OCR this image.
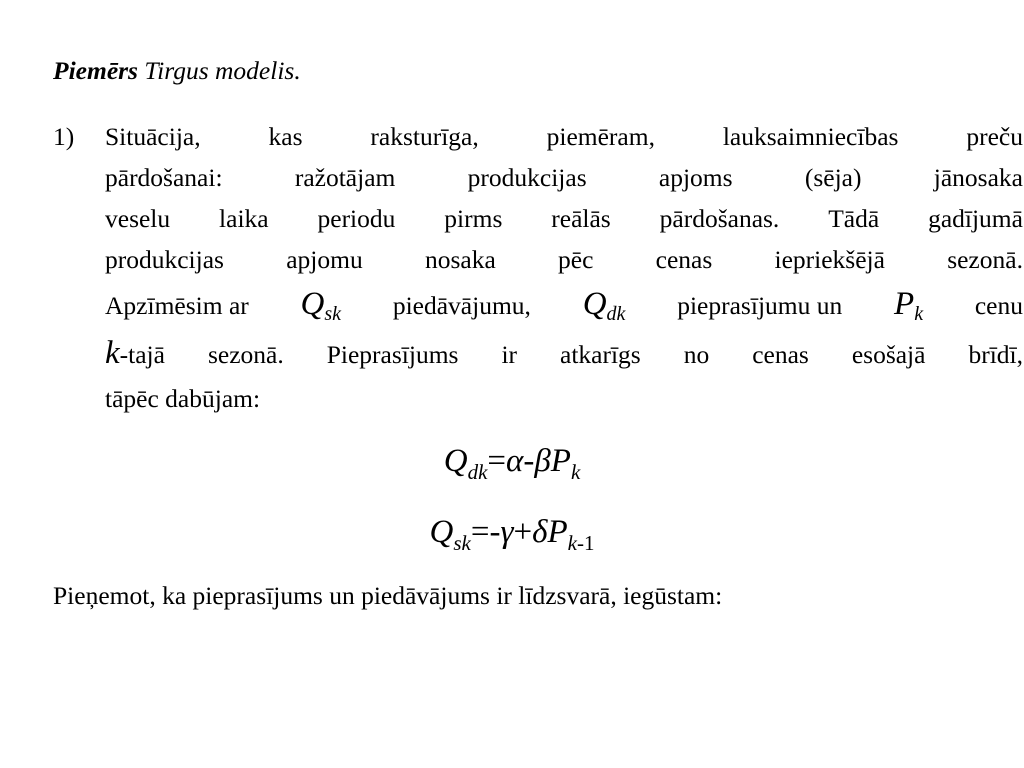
Piemērs Tirgus modelis.
1) Situācija,	kas	raksturīga,	piemēram,	lauksaimniecības	preču
pārdošanai:	ražotājam	produkcijas	apjoms	(sēja)	jānosaka
veselu laika periodu pirms reālās pārdošanas. Tādā gadījumā
produkcijas apjomu nosaka pēc cenas iepriekšējā sezonā.
Apzīmēsim ar $Q_{sk}$ piedāvājumu, $Q_{dk}$ pieprasījumu un $P_k$ cenu
k-tajā sezonā. Pieprasījums ir atkarīgs no cenas esošajā brīdī,
tāpēc dabūjam:
$Q_{dk}=\alpha-\beta P_k$
$Q_{sk}=-\gamma+\delta P_{k-1}$
Pieņemot, ka pieprasījums un piedāvājums ir līdzsvarā, iegūstam:
